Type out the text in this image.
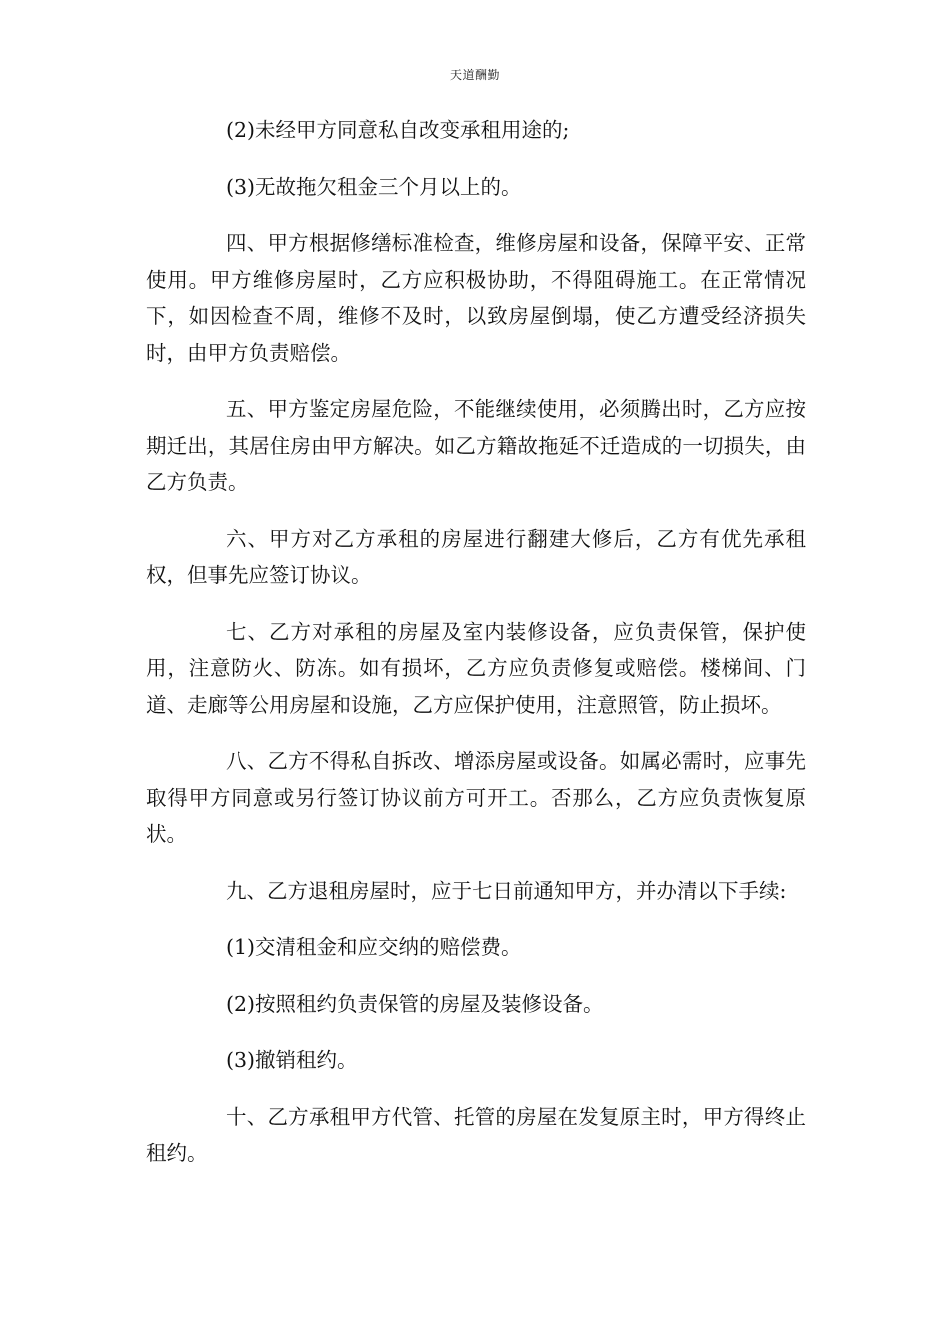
天道酬勤

(2)未经甲方同意私自改变承租用途的;

(3)无故拖欠租金三个月以上的。

四、甲方根据修缮标准检查，维修房屋和设备，保障平安、正常使用。甲方维修房屋时，乙方应积极协助，不得阻碍施工。在正常情况下，如因检查不周，维修不及时，以致房屋倒塌，使乙方遭受经济损失时，由甲方负责赔偿。

五、甲方鉴定房屋危险，不能继续使用，必须腾出时，乙方应按期迁出，其居住房由甲方解决。如乙方籍故拖延不迁造成的一切损失，由乙方负责。

六、甲方对乙方承租的房屋进行翻建大修后，乙方有优先承租权，但事先应签订协议。

七、乙方对承租的房屋及室内装修设备，应负责保管，保护使用，注意防火、防冻。如有损坏，乙方应负责修复或赔偿。楼梯间、门道、走廊等公用房屋和设施，乙方应保护使用，注意照管，防止损坏。

八、乙方不得私自拆改、增添房屋或设备。如属必需时，应事先取得甲方同意或另行签订协议前方可开工。否那么，乙方应负责恢复原状。

九、乙方退租房屋时，应于七日前通知甲方，并办清以下手续:

(1)交清租金和应交纳的赔偿费。

(2)按照租约负责保管的房屋及装修设备。

(3)撤销租约。

十、乙方承租甲方代管、托管的房屋在发复原主时，甲方得终止租约。
